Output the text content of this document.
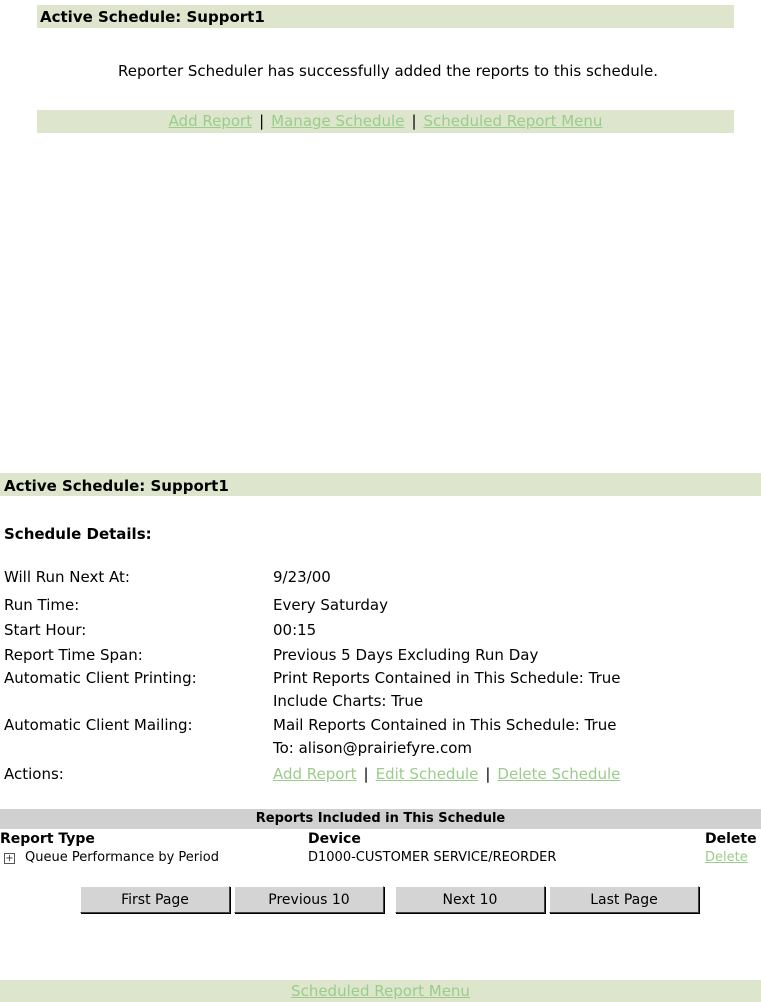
Active Schedule: Support1
Reporter Scheduler has successfully added the reports to this schedule.
Add Report | Manage Schedule | Scheduled Report Menu
Active Schedule: Support1
Schedule Details:
Will Run Next At:	9/23/00
Run Time:	Every Saturday
Start Hour:	00:15
Report Time Span:	Previous 5 Days Excluding Run Day
Automatic Client Printing:	Print Reports Contained in This Schedule: True
Include Charts: True
Automatic Client Mailing:	Mail Reports Contained in This Schedule: True
To: alison@prairiefyre.com
Actions:	Add Report | Edit Schedule | Delete Schedule
Reports Included in This Schedule
Report Type	Device	Delete
+ Queue Performance by Period	D1000-CUSTOMER SERVICE/REORDER	Delete
First Page	Previous 10	Next 10	Last Page
Scheduled Report Menu
